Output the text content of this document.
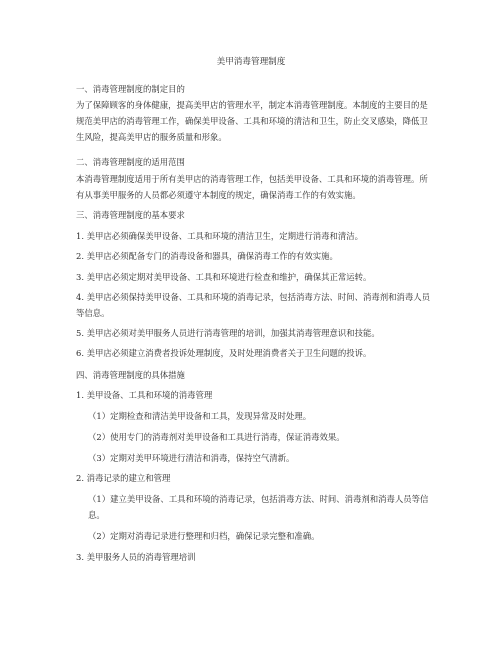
美甲消毒管理制度
一、消毒管理制度的制定目的
为了保障顾客的身体健康，提高美甲店的管理水平，制定本消毒管理制度。本制度的主要目的是规范美甲店的消毒管理工作，确保美甲设备、工具和环境的清洁和卫生，防止交叉感染，降低卫生风险，提高美甲店的服务质量和形象。
二、消毒管理制度的适用范围
本消毒管理制度适用于所有美甲店的消毒管理工作，包括美甲设备、工具和环境的消毒管理。所有从事美甲服务的人员都必须遵守本制度的规定，确保消毒工作的有效实施。
三、消毒管理制度的基本要求
1. 美甲店必须确保美甲设备、工具和环境的清洁卫生，定期进行消毒和清洁。
2. 美甲店必须配备专门的消毒设备和器具，确保消毒工作的有效实施。
3. 美甲店必须定期对美甲设备、工具和环境进行检查和维护，确保其正常运转。
4. 美甲店必须保持美甲设备、工具和环境的消毒记录，包括消毒方法、时间、消毒剂和消毒人员等信息。
5. 美甲店必须对美甲服务人员进行消毒管理的培训，加强其消毒管理意识和技能。
6. 美甲店必须建立消费者投诉处理制度，及时处理消费者关于卫生问题的投诉。
四、消毒管理制度的具体措施
1. 美甲设备、工具和环境的消毒管理
（1）定期检查和清洁美甲设备和工具，发现异常及时处理。
（2）使用专门的消毒剂对美甲设备和工具进行消毒，保证消毒效果。
（3）定期对美甲环境进行清洁和消毒，保持空气清新。
2. 消毒记录的建立和管理
（1）建立美甲设备、工具和环境的消毒记录，包括消毒方法、时间、消毒剂和消毒人员等信息。
（2）定期对消毒记录进行整理和归档，确保记录完整和准确。
3. 美甲服务人员的消毒管理培训
